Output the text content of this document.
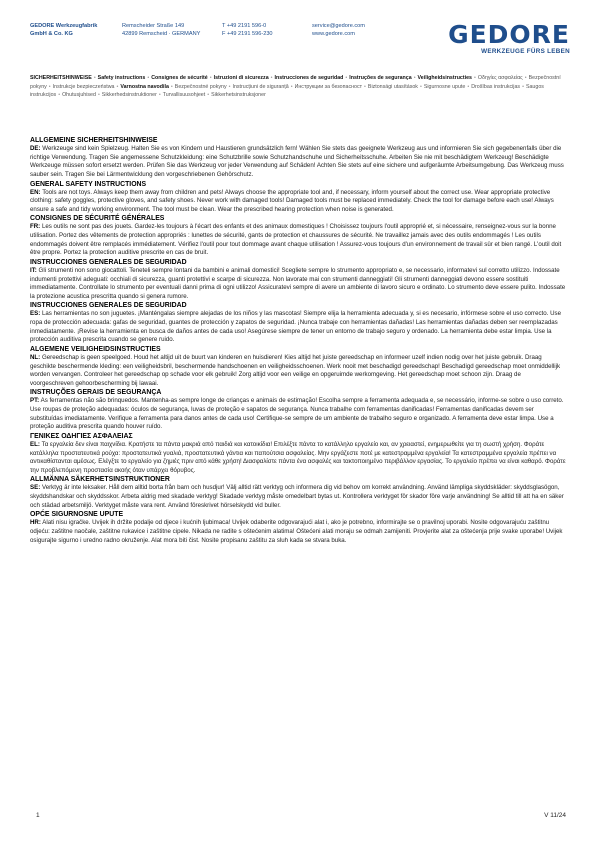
GEDORE Werkzeugfabrik
GmbH & Co. KG
Remscheider Straße 149
42899 Remscheid · GERMANY
T +49 2191 596-0
F +49 2191 596-230
service@gedore.com
www.gedore.com	GEDORE
WERKZEUGE FÜRS LEBEN
SICHERHEITSHINWEISE • Safety instructions • Consignes de sécurité • Istruzioni di sicurezza • Instrucciones de seguridad • Instruções de segurança • Veiligheidsinstructies • Οδηγίες ασφαλείας • Bezpečnostní pokyny • Instrukcje bezpieczeństwa • Varnostna navodila • Bezpečnostné pokyny • Instrucțiuni de siguranță • Инструкции за безопасност • Biztonsági utasítások • Sigurnosne upute • Drošības instrukcijas • Saugos instrukcijos • Ohutusjuhised • Sikkerhedsinstruktioner • Turvallisuusohjeet • Sikkerhetsinstruksjoner
ALLGEMEINE SICHERHEITSHINWEISE

DE: Werkzeuge sind kein Spielzeug. Halten Sie es von Kindern und Haustieren grundsätzlich fern! Wählen Sie stets das geeignete Werkzeug aus und informieren Sie sich gegebenenfalls über die richtige Verwendung. Tragen Sie angemessene Schutzkleidung: eine Schutzbrille sowie Schutzhandschuhe und Sicherheitsschuhe. Arbeiten Sie nie mit beschädigtem Werkzeug! Beschädigte Werkzeuge müssen sofort ersetzt werden. Prüfen Sie das Werkzeug vor jeder Verwendung auf Schäden! Achten Sie stets auf eine sichere und aufgeräumte Arbeitsumgebung. Das Werkzeug muss sauber sein. Tragen Sie bei Lärmentwicklung den vorgeschriebenen Gehörschutz.

GENERAL SAFETY INSTRUCTIONS

EN: Tools are not toys. Always keep them away from children and pets! Always choose the appropriate tool and, if necessary, inform yourself about the correct use. Wear appropriate protective clothing: safety goggles, protective gloves, and safety shoes. Never work with damaged tools! Damaged tools must be replaced immediately. Check the tool for damage before each use! Always ensure a safe and tidy working environment. The tool must be clean. Wear the prescribed hearing protection when noise is generated.

CONSIGNES DE SÉCURITÉ GÉNÉRALES

FR: Les outils ne sont pas des jouets. Gardez-les toujours à l'écart des enfants et des animaux domestiques ! Choisissez toujours l'outil approprié et, si nécessaire, renseignez-vous sur la bonne utilisation. Portez des vêtements de protection appropriés : lunettes de sécurité, gants de protection et chaussures de sécurité. Ne travaillez jamais avec des outils endommagés ! Les outils endommagés doivent être remplacés immédiatement. Vérifiez l'outil pour tout dommage avant chaque utilisation ! Assurez-vous toujours d'un environnement de travail sûr et bien rangé. L'outil doit être propre. Portez la protection auditive prescrite en cas de bruit.

INSTRUCCIONES GENERALES DE SEGURIDAD

IT: Gli strumenti non sono giocattoli. Teneteli sempre lontani da bambini e animali domestici! Scegliete sempre lo strumento appropriato e, se necessario, informatevi sul corretto utilizzo. Indossate indumenti protettivi adeguati: occhiali di sicurezza, guanti protettivi e scarpe di sicurezza. Non lavorate mai con strumenti danneggiati! Gli strumenti danneggiati devono essere sostituiti immediatamente. Controllate lo strumento per eventuali danni prima di ogni utilizzo! Assicuratevi sempre di avere un ambiente di lavoro sicuro e ordinato. Lo strumento deve essere pulito. Indossate la protezione acustica prescritta quando si genera rumore.

INSTRUCCIONES GENERALES DE SEGURIDAD

ES: Las herramientas no son juguetes. ¡Manténgalas siempre alejadas de los niños y las mascotas! Siempre elija la herramienta adecuada y, si es necesario, infórmese sobre el uso correcto. Use ropa de protección adecuada: gafas de seguridad, guantes de protección y zapatos de seguridad. ¡Nunca trabaje con herramientas dañadas! Las herramientas dañadas deben ser reemplazadas inmediatamente. ¡Revise la herramienta en busca de daños antes de cada uso! Asegúrese siempre de tener un entorno de trabajo seguro y ordenado. La herramienta debe estar limpia. Use la protección auditiva prescrita cuando se genere ruido.

ALGEMENE VEILIGHEIDSINSTRUCTIES

NL: Gereedschap is geen speelgoed. Houd het altijd uit de buurt van kinderen en huisdieren! Kies altijd het juiste gereedschap en informeer uzelf indien nodig over het juiste gebruik. Draag geschikte beschermende kleding: een veiligheidsbril, beschermende handschoenen en veiligheidsschoenen. Werk nooit met beschadigd gereedschap! Beschadigd gereedschap moet onmiddellijk worden vervangen. Controleer het gereedschap op schade voor elk gebruik! Zorg altijd voor een veilige en opgeruimde werkomgeving. Het gereedschap moet schoon zijn. Draag de voorgeschreven gehoorbescherming bij lawaai.

INSTRUÇÕES GERAIS DE SEGURANÇA

PT: As ferramentas não são brinquedos. Mantenha-as sempre longe de crianças e animais de estimação! Escolha sempre a ferramenta adequada e, se necessário, informe-se sobre o uso correto. Use roupas de proteção adequadas: óculos de segurança, luvas de proteção e sapatos de segurança. Nunca trabalhe com ferramentas danificadas! Ferramentas danificadas devem ser substituídas imediatamente. Verifique a ferramenta para danos antes de cada uso! Certifique-se sempre de um ambiente de trabalho seguro e organizado. A ferramenta deve estar limpa. Use a proteção auditiva prescrita quando houver ruído.

ΓΕΝΙΚΕΣ ΟΔΗΓΙΕΣ ΑΣΦΑΛΕΙΑΣ

EL: Τα εργαλεία δεν είναι παιχνίδια. Κρατήστε τα πάντα μακριά από παιδιά και κατοικίδια! Επιλέξτε πάντα το κατάλληλο εργαλείο και, αν χρειαστεί, ενημερωθείτε για τη σωστή χρήση. Φοράτε κατάλληλα προστατευτικά ρούχα: προστατευτικά γυαλιά, προστατευτικά γάντια και παπούτσια ασφαλείας. Μην εργάζεστε ποτέ με κατεστραμμένα εργαλεία! Τα κατεστραμμένα εργαλεία πρέπει να αντικαθίστανται αμέσως. Ελέγξτε το εργαλείο για ζημιές πριν από κάθε χρήση! Διασφαλίστε πάντα ένα ασφαλές και τακτοποιημένο περιβάλλον εργασίας. Το εργαλείο πρέπει να είναι καθαρό. Φοράτε την προβλεπόμενη προστασία ακοής όταν υπάρχει θόρυβος.

ALLMÄNNA SÄKERHETSINSTRUKTIONER

SE: Verktyg är inte leksaker. Håll dem alltid borta från barn och husdjur! Välj alltid rätt verktyg och informera dig vid behov om korrekt användning. Använd lämpliga skyddskläder: skyddsglasögon, skyddshandskar och skyddsskor. Arbeta aldrig med skadade verktyg! Skadade verktyg måste omedelbart bytas ut. Kontrollera verktyget för skador före varje användning! Se alltid till att ha en säker och städad arbetsmiljö. Verktyget måste vara rent. Använd föreskrivet hörselskydd vid buller.

OPĆE SIGURNOSNE UPUTE

HR: Alati nisu igračke. Uvijek ih držite podalje od djece i kućnih ljubimaca! Uvijek odaberite odgovarajući alat i, ako je potrebno, informirajte se o pravilnoj uporabi. Nosite odgovarajuću zaštitnu odjeću: zaštitne naočale, zaštitne rukavice i zaštitne cipele. Nikada ne radite s oštećenim alatima! Oštećeni alati moraju se odmah zamijeniti. Provjerite alat za oštećenja prije svake uporabe! Uvijek osigurajte sigurno i uredno radno okruženje. Alat mora biti čist. Nosite propisanu zaštitu za sluh kada se stvara buka.

1	V 11/24
